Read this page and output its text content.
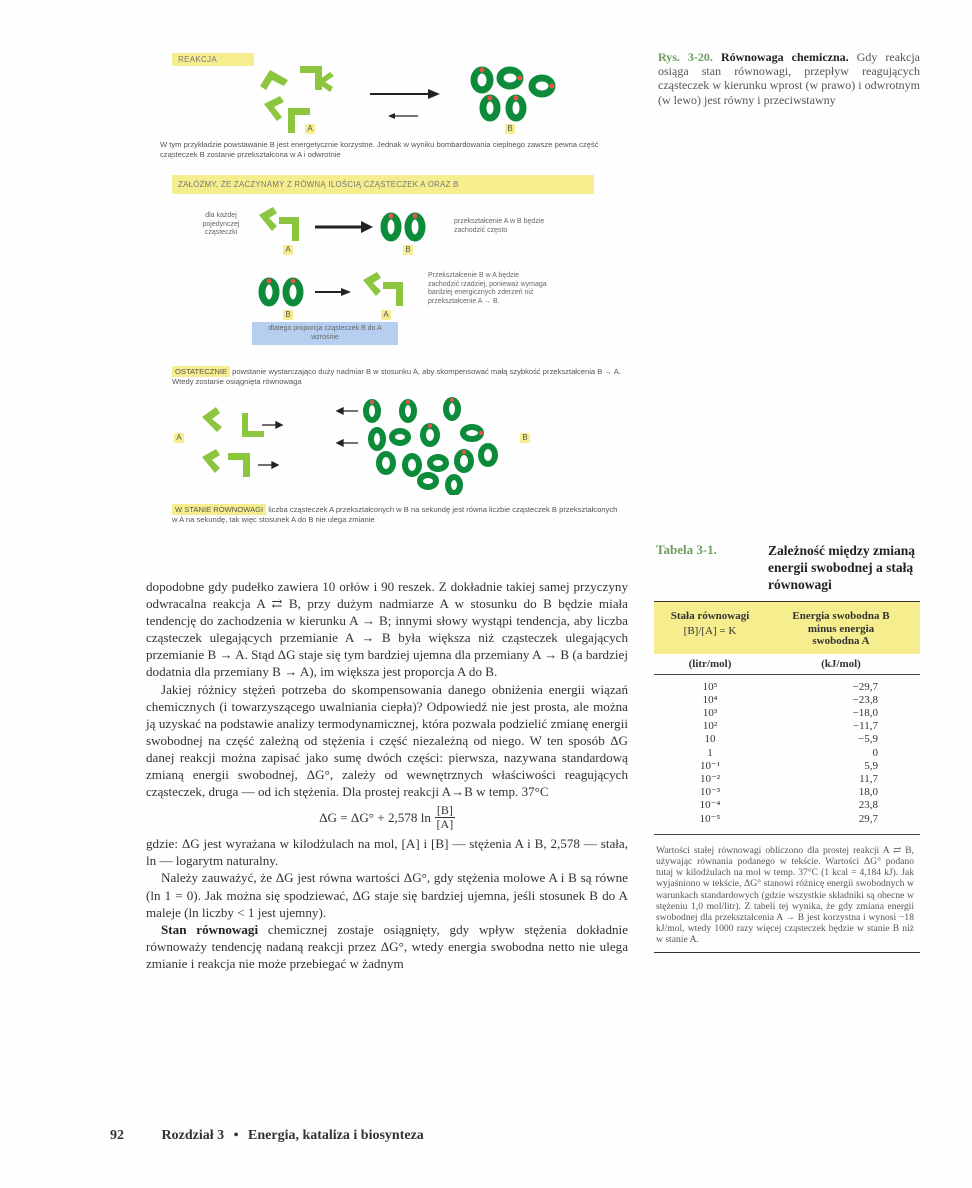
REAKCJA
A	B
W tym przykładzie powstawanie B jest energetycznie korzystne. Jednak w wyniku bombardowania cieplnego zawsze pewna część cząsteczek B zostanie przekształcona w A i odwrotnie
ZAŁÓŻMY, ŻE ZACZYNAMY Z RÓWNĄ ILOŚCIĄ CZĄSTECZEK A ORAZ B
dla każdej pojedynczej cząsteczki
A	B
przekształcenie A w B będzie zachodzić często
B	A
Przekształcenie B w A będzie zachodzić rzadziej, ponieważ wymaga bardziej energicznych zderzeń niż przekształcenie A → B.
dlatego proporcja cząsteczek B do A wzrośnie
OSTATECZNIE powstanie wystarczająco duży nadmiar B w stosunku A, aby skompensować małą szybkość przekształcenia B → A. Wtedy zostanie osiągnięta równowaga
A	B
W STANIE RÓWNOWAGI liczba cząsteczek A przekształconych w B na sekundę jest równa liczbie cząsteczek B przekształconych w A na sekundę, tak więc stosunek A do B nie ulega zmianie
Rys. 3-20. Równowaga chemiczna. Gdy reakcja osiąga stan równowagi, przepływ reagujących cząsteczek w kierunku wprost (w prawo) i odwrotnym (w lewo) jest równy i przeciwstawny

dopodobne gdy pudełko zawiera 10 orłów i 90 reszek. Z dokładnie takiej samej przyczyny odwracalna reakcja A ⇄ B, przy dużym nadmiarze A w stosunku do B będzie miała tendencję do zachodzenia w kierunku A → B; innymi słowy wystąpi tendencja, aby liczba cząsteczek ulegających przemianie A → B była większa niż cząsteczek ulegających przemianie B → A. Stąd ΔG staje się tym bardziej ujemna dla przemiany A → B (a bardziej dodatnia dla przemiany B → A), im większa jest proporcja A do B.

Jakiej różnicy stężeń potrzeba do skompensowania danego obniżenia energii wiązań chemicznych (i towarzyszącego uwalniania ciepła)? Odpowiedź nie jest prosta, ale można ją uzyskać na podstawie analizy termodynamicznej, która pozwala podzielić zmianę energii swobodnej na część zależną od stężenia i część niezależną od niego. W ten sposób ΔG danej reakcji można zapisać jako sumę dwóch części: pierwsza, nazywana standardową zmianą energii swobodnej, ΔG°, zależy od wewnętrznych właściwości reagujących cząsteczek, druga — od ich stężenia. Dla prostej reakcji A→B w temp. 37°C

ΔG = ΔG° + 2,578 $\ln \frac{[B]}{[A]}$

gdzie: ΔG jest wyrażana w kilodżulach na mol, [A] i [B] — stężenia A i B, 2,578 — stała, ln — logarytm naturalny.

Należy zauważyć, że ΔG jest równa wartości ΔG°, gdy stężenia molowe A i B są równe (ln 1 = 0). Jak można się spodziewać, ΔG staje się bardziej ujemna, jeśli stosunek B do A maleje (ln liczby < 1 jest ujemny).

Stan równowagi chemicznej zostaje osiągnięty, gdy wpływ stężenia dokładnie równoważy tendencję nadaną reakcji przez ΔG°, wtedy energia swobodna netto nie ulega zmianie i reakcja nie może przebiegać w żadnym

Tabela 3-1.	Zależność między zmianą energii swobodnej a stałą równowagi
Stała równowagi
[B]/[A] = K
Energia swobodna B minus energia swobodna A
(litr/mol)	(kJ/mol)
10⁵	−29,7
10⁴	−23,8
10³	−18,0
10²	−11,7
10	−5,9
1	0
10⁻¹	5,9
10⁻²	11,7
10⁻³	18,0
10⁻⁴	23,8
10⁻⁵	29,7
Wartości stałej równowagi obliczono dla prostej reakcji A ⇄ B, używając równania podanego w tekście. Wartości ΔG° podano tutaj w kilodżulach na mol w temp. 37°C (1 kcal = 4,184 kJ). Jak wyjaśniono w tekście, ΔG° stanowi różnicę energii swobodnych w warunkach standardowych (gdzie wszystkie składniki są obecne w stężeniu 1,0 mol/litr). Z tabeli tej wynika, że gdy zmiana energii swobodnej dla przekształcenia A → B jest korzystna i wynosi −18 kJ/mol, wtedy 1000 razy więcej cząsteczek będzie w stanie B niż w stanie A.
92	Rozdział 3 • Energia, kataliza i biosynteza
